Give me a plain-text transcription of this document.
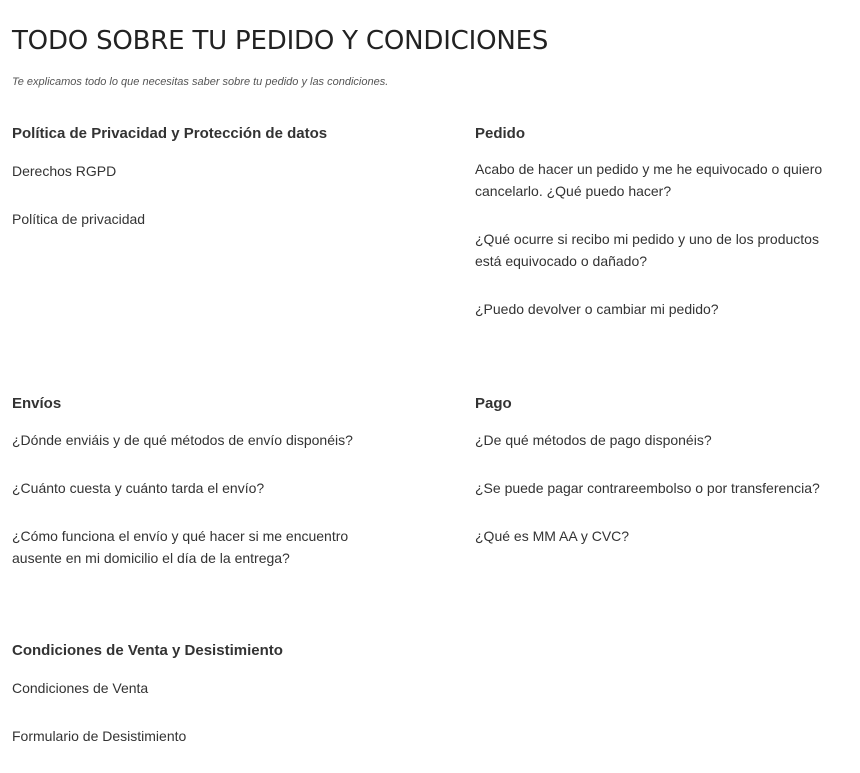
TODO SOBRE TU PEDIDO Y CONDICIONES

Te explicamos todo lo que necesitas saber sobre tu pedido y las condiciones.

Política de Privacidad y Protección de datos
Derechos RGPD
Política de privacidad
Pedido
Acabo de hacer un pedido y me he equivocado o quiero cancelarlo. ¿Qué puedo hacer?
¿Qué ocurre si recibo mi pedido y uno de los productos está equivocado o dañado?
¿Puedo devolver o cambiar mi pedido?
Envíos
¿Dónde enviáis y de qué métodos de envío disponéis?
¿Cuánto cuesta y cuánto tarda el envío?
¿Cómo funciona el envío y qué hacer si me encuentro ausente en mi domicilio el día de la entrega?
Pago
¿De qué métodos de pago disponéis?
¿Se puede pagar contrareembolso o por transferencia?
¿Qué es MM AA y CVC?
Condiciones de Venta y Desistimiento
Condiciones de Venta
Formulario de Desistimiento
